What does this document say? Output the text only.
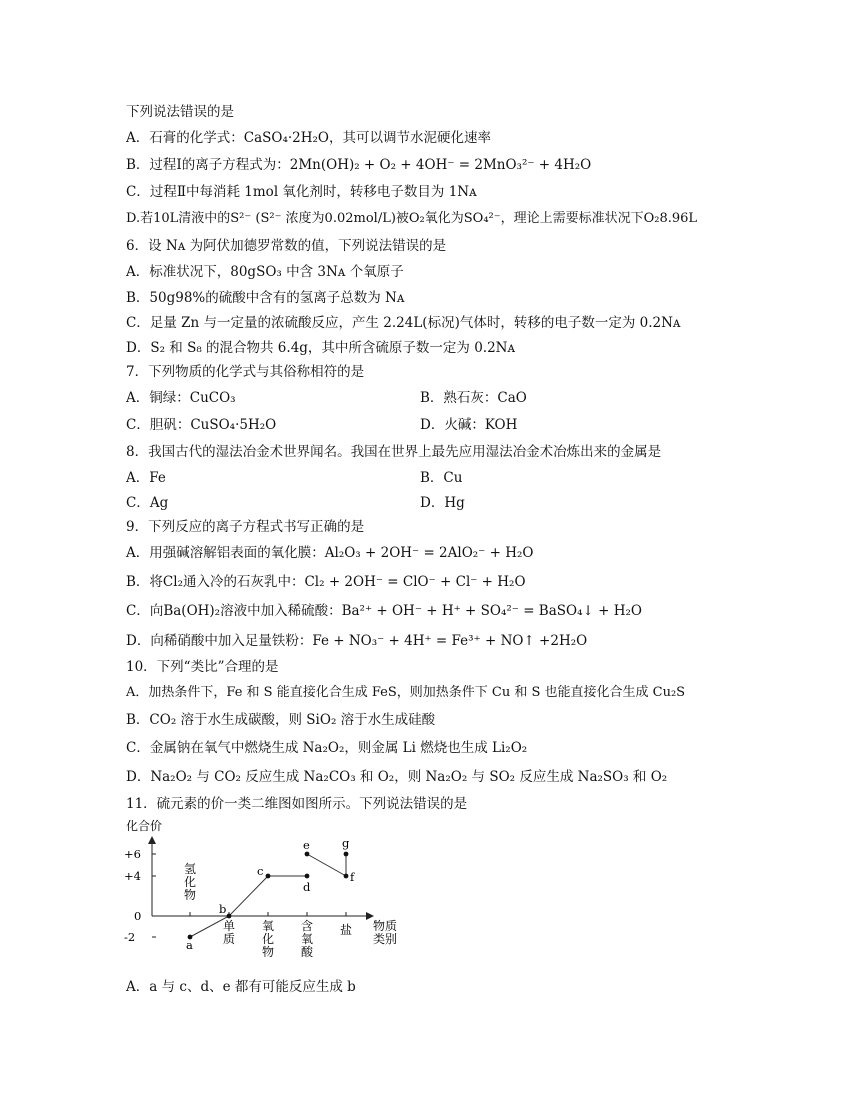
下列说法错误的是
A．石膏的化学式：CaSO₄·2H₂O，其可以调节水泥硬化速率
B．过程Ⅰ的离子方程式为：2Mn(OH)₂ + O₂ + 4OH⁻ = 2MnO₃²⁻ + 4H₂O
C．过程Ⅱ中每消耗 1mol 氧化剂时，转移电子数目为 1Nᴀ
D.若10L清液中的S²⁻ (S²⁻ 浓度为0.02mol/L)被O₂氧化为SO₄²⁻，理论上需要标准状况下O₂8.96L
6．设 Nᴀ 为阿伏加德罗常数的值，下列说法错误的是
A．标准状况下，80gSO₃ 中含 3Nᴀ 个氧原子
B．50g98%的硫酸中含有的氢离子总数为 Nᴀ
C．足量 Zn 与一定量的浓硫酸反应，产生 2.24L(标况)气体时，转移的电子数一定为 0.2Nᴀ
D．S₂ 和 S₈ 的混合物共 6.4g，其中所含硫原子数一定为 0.2Nᴀ
7．下列物质的化学式与其俗称相符的是
A．铜绿：CuCO₃	B．熟石灰：CaO
C．胆矾：CuSO₄·5H₂O	D．火碱：KOH
8．我国古代的湿法冶金术世界闻名。我国在世界上最先应用湿法冶金术冶炼出来的金属是
A．Fe	B．Cu
C．Ag	D．Hg
9．下列反应的离子方程式书写正确的是
A．用强碱溶解铝表面的氧化膜：Al₂O₃ + 2OH⁻ = 2AlO₂⁻ + H₂O
B．将Cl₂通入冷的石灰乳中：Cl₂ + 2OH⁻ = ClO⁻ + Cl⁻ + H₂O
C．向Ba(OH)₂溶液中加入稀硫酸：Ba²⁺ + OH⁻ + H⁺ + SO₄²⁻ = BaSO₄↓ + H₂O
D．向稀硝酸中加入足量铁粉：Fe + NO₃⁻ + 4H⁺ = Fe³⁺ + NO↑ +2H₂O
10．下列“类比”合理的是
A．加热条件下，Fe 和 S 能直接化合生成 FeS，则加热条件下 Cu 和 S 也能直接化合生成 Cu₂S
B．CO₂ 溶于水生成碳酸，则 SiO₂ 溶于水生成硅酸
C．金属钠在氧气中燃烧生成 Na₂O₂，则金属 Li 燃烧也生成 Li₂O₂
D．Na₂O₂ 与 CO₂ 反应生成 Na₂CO₃ 和 O₂，则 Na₂O₂ 与 SO₂ 反应生成 Na₂SO₃ 和 O₂
11．硫元素的价一类二维图如图所示。下列说法错误的是
化合价
+6
+4
0
-2
氢化物
单质
氧化物
含氧酸
盐 物质类别
a
b
c
d
e
f
g
A．a 与 c、d、e 都有可能反应生成 b
